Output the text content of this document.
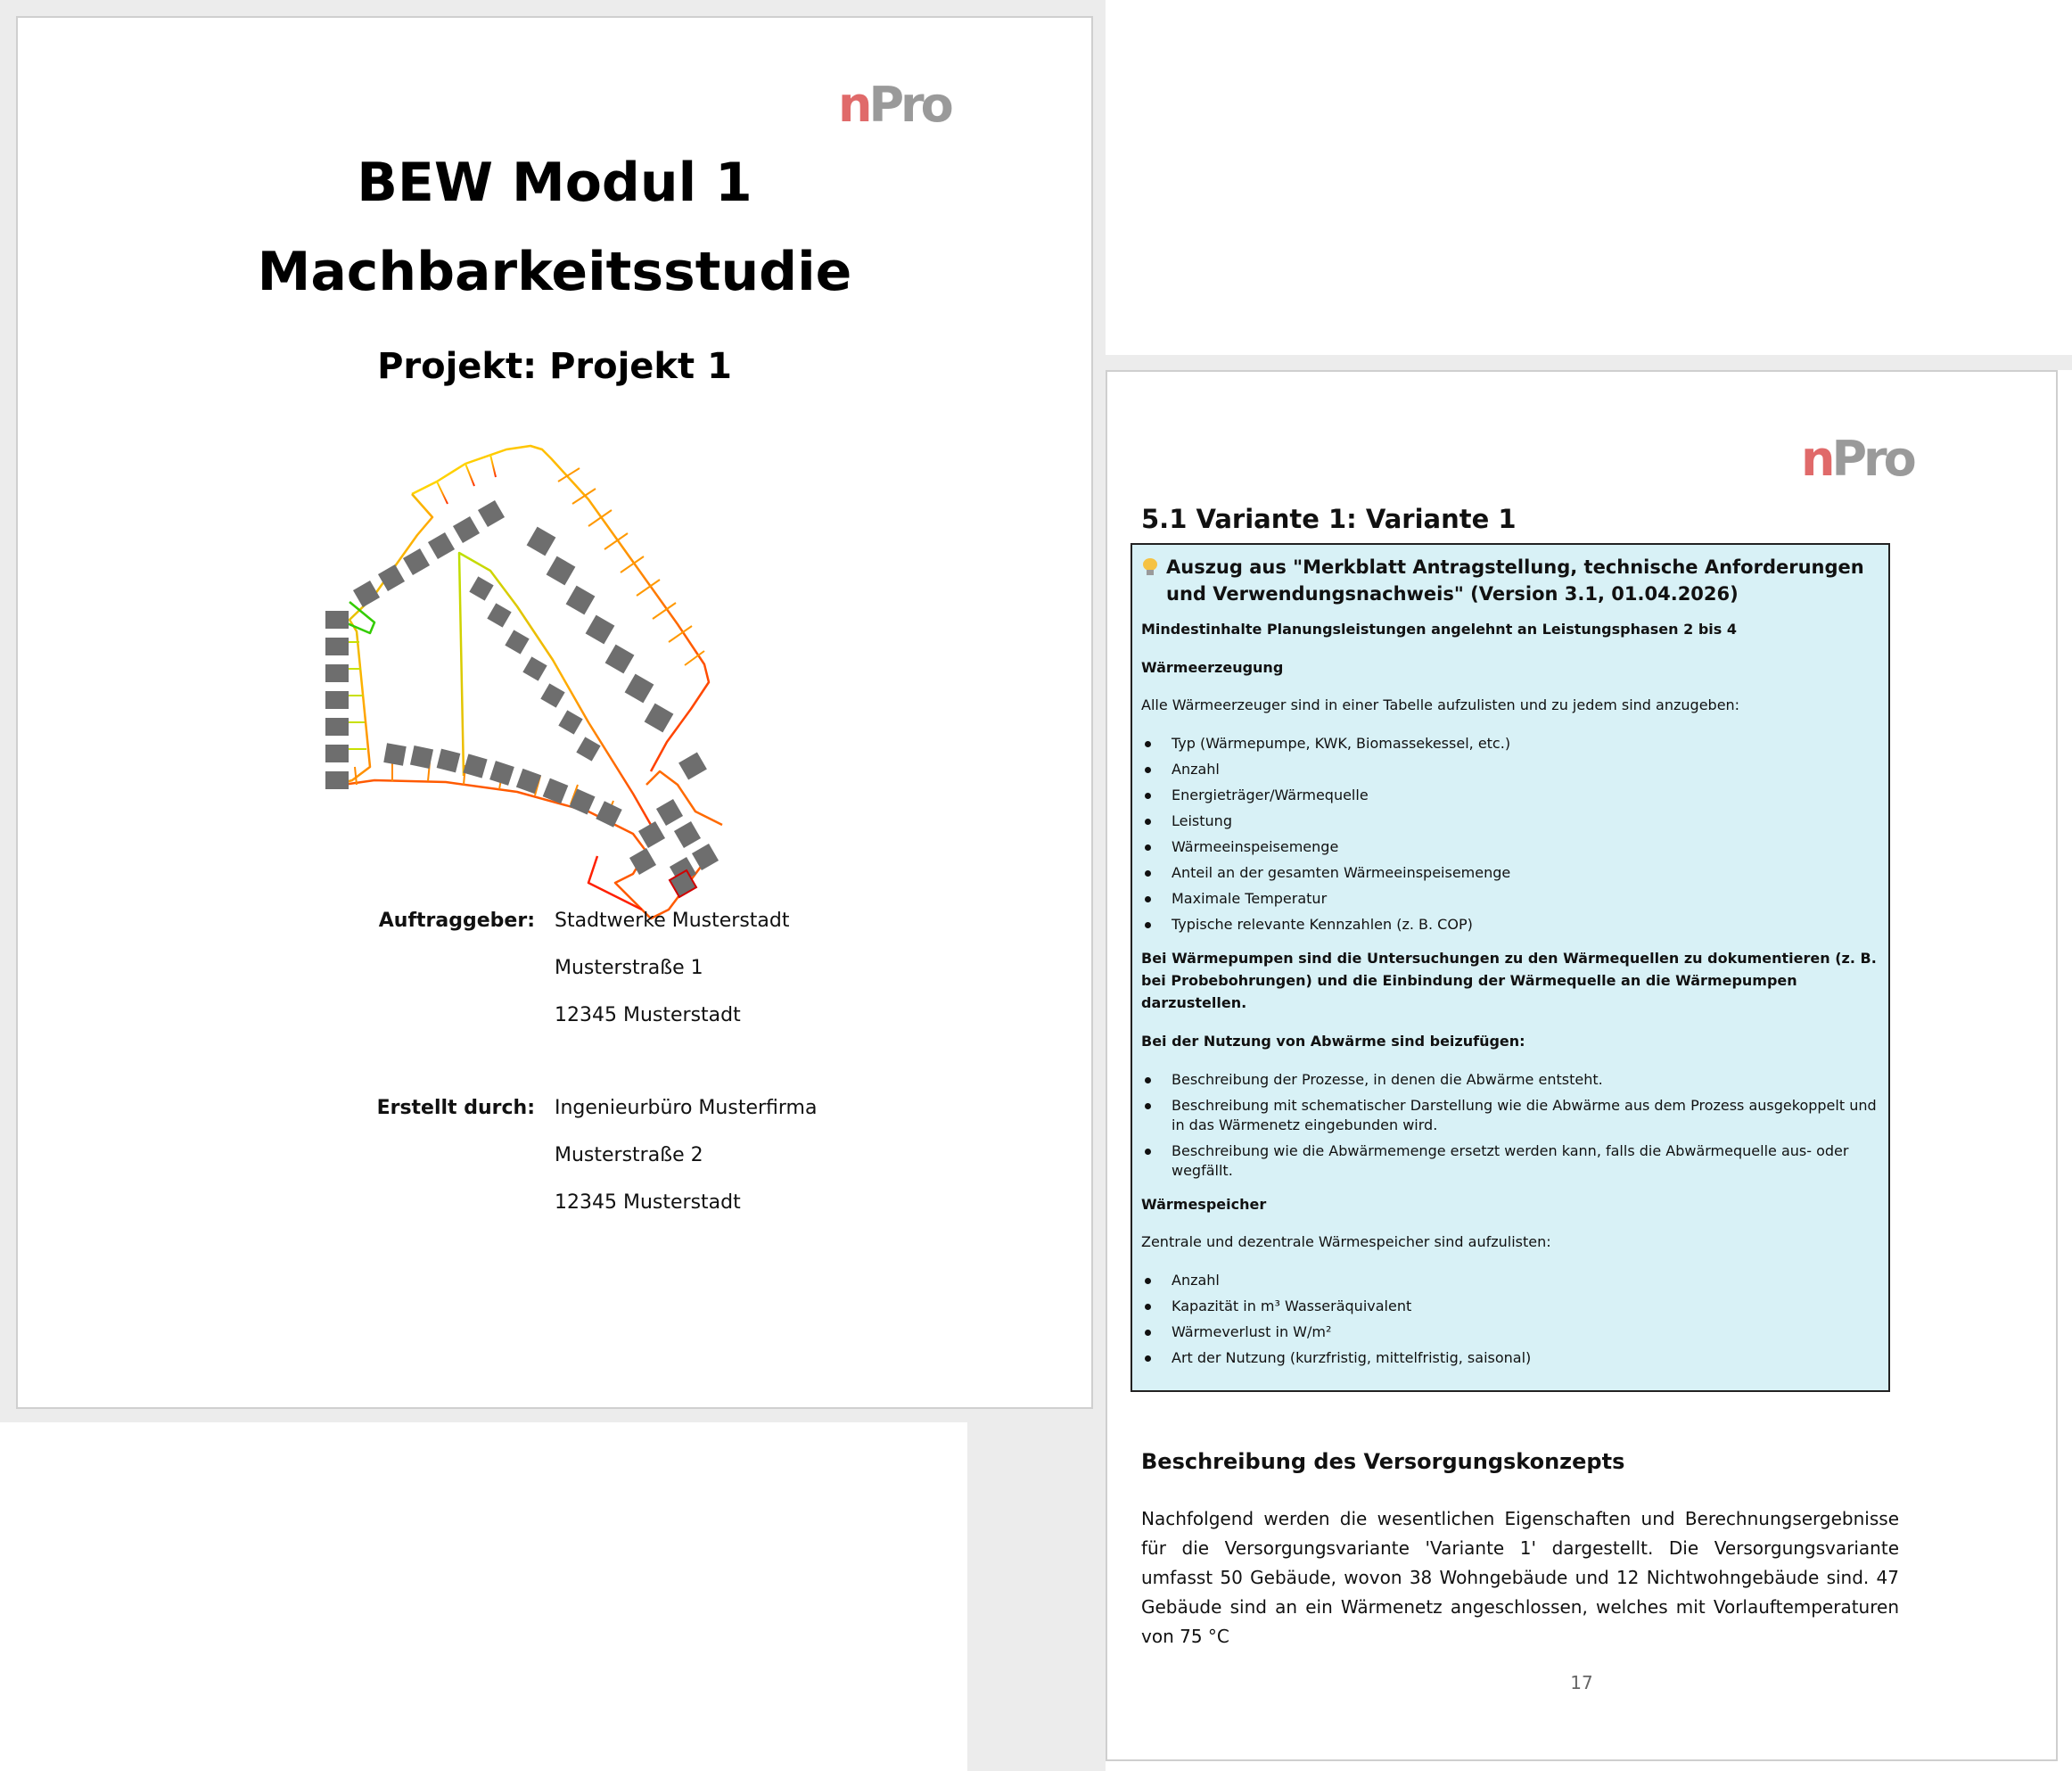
nPro
BEW Modul 1
Machbarkeitsstudie
Projekt: Projekt 1
Auftraggeber: Stadtwerke Musterstadt
Musterstraße 1
12345 Musterstadt
Erstellt durch: Ingenieurbüro Musterfirma
Musterstraße 2
12345 Musterstadt
nPro
5.1 Variante 1: Variante 1
Auszug aus "Merkblatt Antragstellung, technische Anforderungen und Verwendungsnachweis" (Version 3.1, 01.04.2026)
Mindestinhalte Planungsleistungen angelehnt an Leistungsphasen 2 bis 4
Wärmeerzeugung
Alle Wärmeerzeuger sind in einer Tabelle aufzulisten und zu jedem sind anzugeben:
Typ (Wärmepumpe, KWK, Biomassekessel, etc.)
Anzahl
Energieträger/Wärmequelle
Leistung
Wärmeeinspeisemenge
Anteil an der gesamten Wärmeeinspeisemenge
Maximale Temperatur
Typische relevante Kennzahlen (z. B. COP)
Bei Wärmepumpen sind die Untersuchungen zu den Wärmequellen zu dokumentieren (z. B. bei Probebohrungen) und die Einbindung der Wärmequelle an die Wärmepumpen darzustellen.
Bei der Nutzung von Abwärme sind beizufügen:
Beschreibung der Prozesse, in denen die Abwärme entsteht.
Beschreibung mit schematischer Darstellung wie die Abwärme aus dem Prozess ausgekoppelt und in das Wärmenetz eingebunden wird.
Beschreibung wie die Abwärmemenge ersetzt werden kann, falls die Abwärmequelle aus- oder wegfällt.
Wärmespeicher
Zentrale und dezentrale Wärmespeicher sind aufzulisten:
Anzahl
Kapazität in m³ Wasseräquivalent
Wärmeverlust in W/m²
Art der Nutzung (kurzfristig, mittelfristig, saisonal)
Beschreibung des Versorgungskonzepts
Nachfolgend werden die wesentlichen Eigenschaften und Berechnungsergebnisse für die Versorgungsvariante 'Variante 1' dargestellt. Die Versorgungsvariante umfasst 50 Gebäude, wovon 38 Wohngebäude und 12 Nichtwohngebäude sind. 47 Gebäude sind an ein Wärmenetz angeschlossen, welches mit Vorlauftemperaturen von 75 °C
17
